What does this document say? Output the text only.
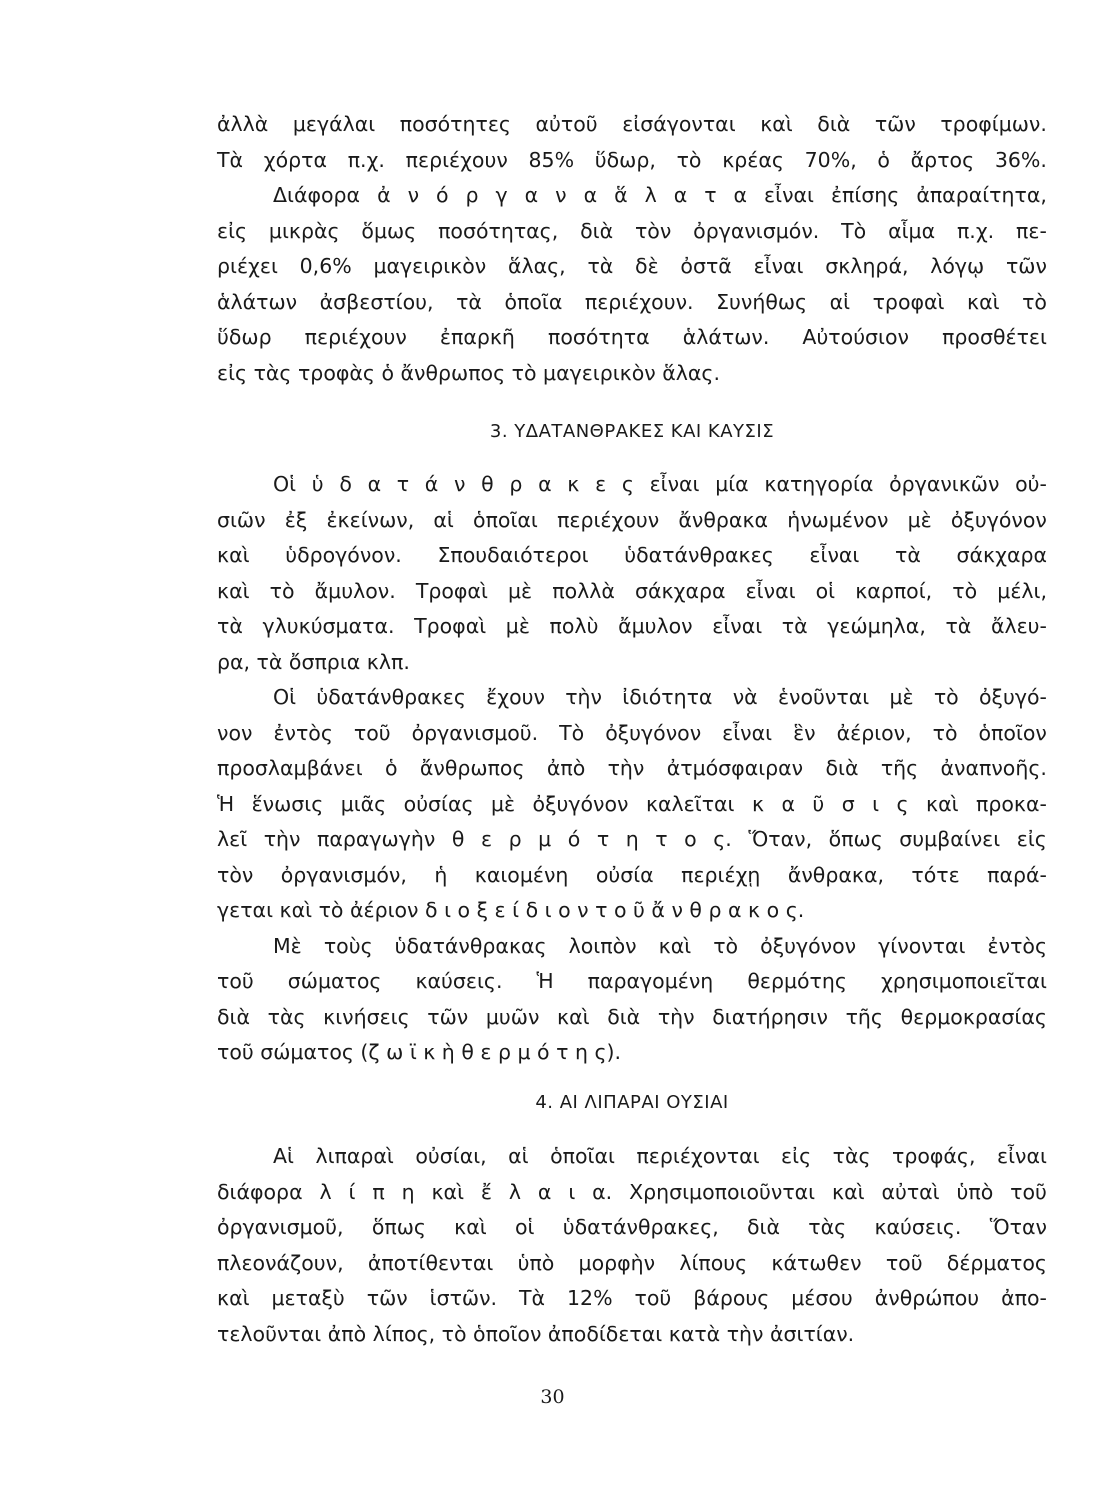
ἀλλὰ μεγάλαι ποσότητες αὐτοῦ εἰσάγονται καὶ διὰ τῶν τροφίμων.
Τὰ χόρτα π.χ. περιέχουν 85% ὕδωρ, τὸ κρέας 70%, ὁ ἄρτος 36%.
Διάφορα ἀ ν ό ρ γ α ν α ἅ λ α τ α εἶναι ἐπίσης ἀπαραίτητα,
εἰς μικρὰς ὅμως ποσότητας, διὰ τὸν ὀργανισμόν. Τὸ αἷμα π.χ. πε-
ριέχει 0,6% μαγειρικὸν ἅλας, τὰ δὲ ὀστᾶ εἶναι σκληρά, λόγῳ τῶν
ἁλάτων ἀσβεστίου, τὰ ὁποῖα περιέχουν. Συνήθως αἱ τροφαὶ καὶ τὸ
ὕδωρ περιέχουν ἐπαρκῆ ποσότητα ἁλάτων. Αὐτούσιον προσθέτει
εἰς τὰς τροφὰς ὁ ἄνθρωπος τὸ μαγειρικὸν ἅλας.
3. ΥΔΑΤΑΝΘΡΑΚΕΣ ΚΑΙ ΚΑΥΣΙΣ
Οἱ ὑ δ α τ ά ν θ ρ α κ ε ς εἶναι μία κατηγορία ὀργανικῶν οὐ-
σιῶν ἐξ ἐκείνων, αἱ ὁποῖαι περιέχουν ἄνθρακα ἡνωμένον μὲ ὀξυγόνον
καὶ ὑδρογόνον. Σπουδαιότεροι ὑδατάνθρακες εἶναι τὰ σάκχαρα
καὶ τὸ ἄμυλον. Τροφαὶ μὲ πολλὰ σάκχαρα εἶναι οἱ καρποί, τὸ μέλι,
τὰ γλυκύσματα. Τροφαὶ μὲ πολὺ ἄμυλον εἶναι τὰ γεώμηλα, τὰ ἄλευ-
ρα, τὰ ὄσπρια κλπ.
Οἱ ὑδατάνθρακες ἔχουν τὴν ἰδιότητα νὰ ἑνοῦνται μὲ τὸ ὀξυγό-
νον ἐντὸς τοῦ ὀργανισμοῦ. Τὸ ὀξυγόνον εἶναι ἓν ἀέριον, τὸ ὁποῖον
προσλαμβάνει ὁ ἄνθρωπος ἀπὸ τὴν ἀτμόσφαιραν διὰ τῆς ἀναπνοῆς.
Ἡ ἕνωσις μιᾶς οὐσίας μὲ ὀξυγόνον καλεῖται κ α ῦ σ ι ς καὶ προκα-
λεῖ τὴν παραγωγὴν θ ε ρ μ ό τ η τ ο ς. Ὅταν, ὅπως συμβαίνει εἰς
τὸν ὀργανισμόν, ἡ καιομένη οὐσία περιέχῃ ἄνθρακα, τότε παρά-
γεται καὶ τὸ ἀέριον δ ι ο ξ ε ί δ ι ο ν τ ο ῦ ἄ ν θ ρ α κ ο ς.
Μὲ τοὺς ὑδατάνθρακας λοιπὸν καὶ τὸ ὀξυγόνον γίνονται ἐντὸς
τοῦ σώματος καύσεις. Ἡ παραγομένη θερμότης χρησιμοποιεῖται
διὰ τὰς κινήσεις τῶν μυῶν καὶ διὰ τὴν διατήρησιν τῆς θερμοκρασίας
τοῦ σώματος (ζ ω ϊ κ ὴ θ ε ρ μ ό τ η ς).
4. ΑΙ ΛΙΠΑΡΑΙ ΟΥΣΙΑΙ
Αἱ λιπαραὶ οὐσίαι, αἱ ὁποῖαι περιέχονται εἰς τὰς τροφάς, εἶναι
διάφορα λ ί π η καὶ ἔ λ α ι α. Χρησιμοποιοῦνται καὶ αὐταὶ ὑπὸ τοῦ
ὀργανισμοῦ, ὅπως καὶ οἱ ὑδατάνθρακες, διὰ τὰς καύσεις. Ὅταν
πλεονάζουν, ἀποτίθενται ὑπὸ μορφὴν λίπους κάτωθεν τοῦ δέρματος
καὶ μεταξὺ τῶν ἱστῶν. Τὰ 12% τοῦ βάρους μέσου ἀνθρώπου ἀπο-
τελοῦνται ἀπὸ λίπος, τὸ ὁποῖον ἀποδίδεται κατὰ τὴν ἀσιτίαν.
30
